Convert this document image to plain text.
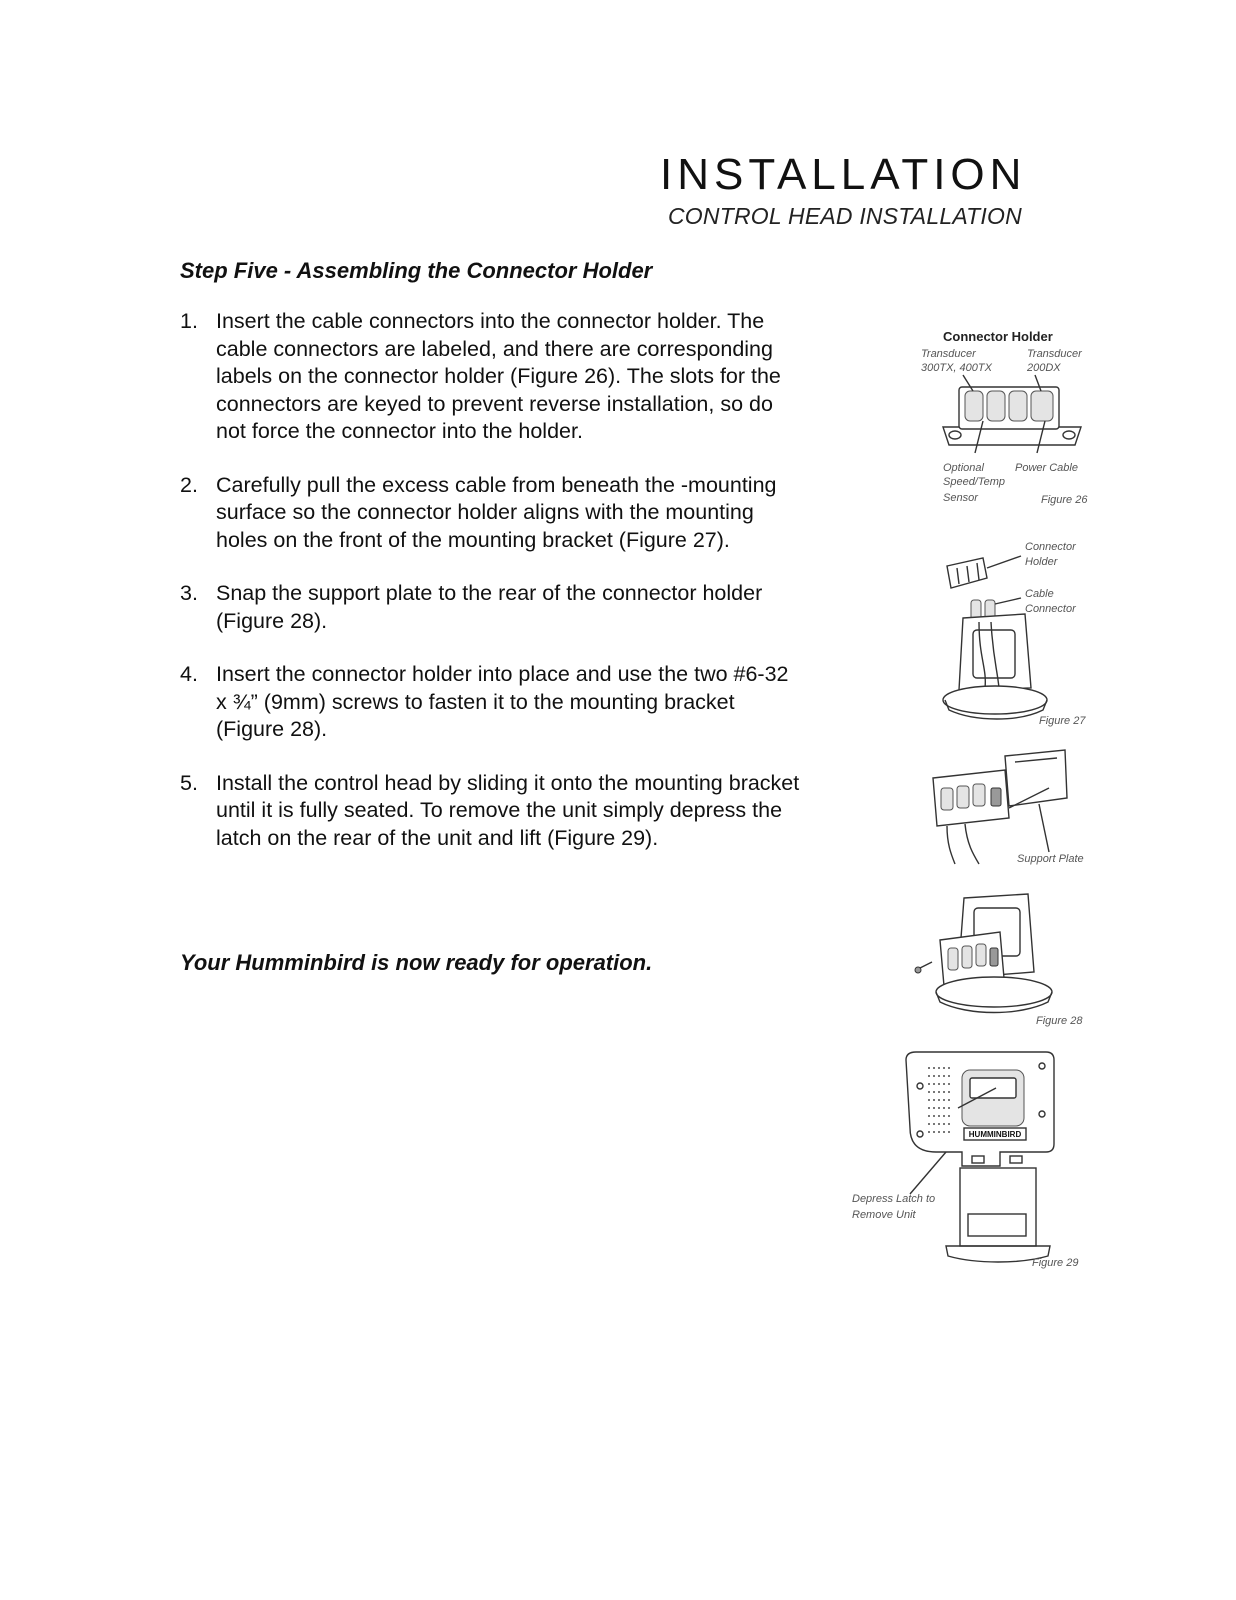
INSTALLATION
CONTROL HEAD INSTALLATION
Step Five - Assembling the Connector Holder
1. Insert the cable connectors into the connector holder. The cable connectors are labeled, and there are corresponding labels on the connector holder (Figure 26). The slots for the connectors are keyed to prevent reverse installation, so do not force the connector into the holder.
2. Carefully pull the excess cable from beneath the -mounting surface so the connector holder aligns with the mounting holes on the front of the mounting bracket (Figure 27).
3. Snap the support plate to the rear of the connector holder (Figure 28).
4. Insert the connector holder into place and use the two #6-32 x ¾” (9mm) screws to fasten it to the mounting bracket (Figure 28).
5. Install the control head by sliding it onto the mounting bracket until it is fully seated. To remove the unit simply depress the latch on the rear of the unit and lift (Figure 29).
Your Humminbird is now ready for operation.
Connector Holder
Transducer
300TX, 400TX
Transducer
200DX
Optional
Speed/Temp
Sensor
Power Cable
Figure 26
Connector
Holder
Cable
Connector
Figure 27
Support Plate
Figure 28
HUMMINBIRD
Depress Latch to
Remove Unit
Figure 29
